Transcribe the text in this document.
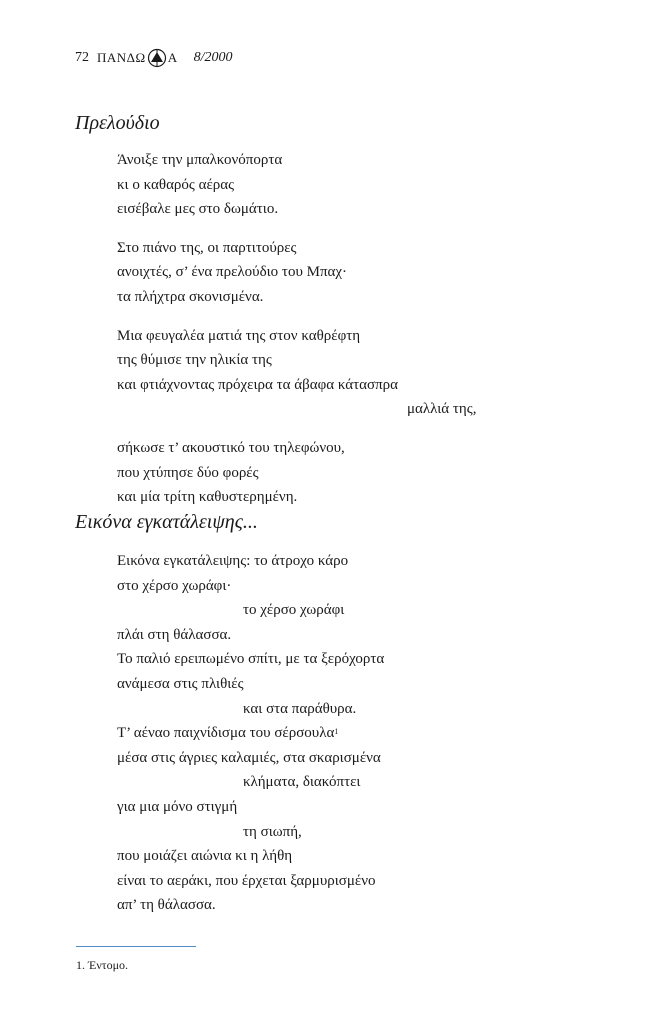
72 ΠΑΝΔΩ Α 8/2000
Πρελούδιο
Άνοιξε την μπαλκονόπορτα
κι ο καθαρός αέρας
εισέβαλε μες στο δωμάτιο.
Στο πιάνο της, οι παρτιτούρες
ανοιχτές, σ’ ένα πρελούδιο του Μπαχ·
τα πλήχτρα σκονισμένα.
Μια φευγαλέα ματιά της στον καθρέφτη
της θύμισε την ηλικία της
και φτιάχνοντας πρόχειρα τα άβαφα κάτασπρα
μαλλιά της,
σήκωσε τ’ ακουστικό του τηλεφώνου,
που χτύπησε δύο φορές
και μία τρίτη καθυστερημένη.
Εικόνα εγκατάλειψης...
Εικόνα εγκατάλειψης: το άτροχο κάρο
στο χέρσο χωράφι·
το χέρσο χωράφι
πλάι στη θάλασσα.
Το παλιό ερειπωμένο σπίτι, με τα ξερόχορτα
ανάμεσα στις πλιθιές
και στα παράθυρα.
Τ’ αέναο παιχνίδισμα του σέρσουλα$^1$
μέσα στις άγριες καλαμιές, στα σκαρισμένα
κλήματα, διακόπτει
για μια μόνο στιγμή
τη σιωπή,
που μοιάζει αιώνια κι η λήθη
είναι το αεράκι, που έρχεται ξαρμυρισμένο
απ’ τη θάλασσα.
1. Έντομο.
